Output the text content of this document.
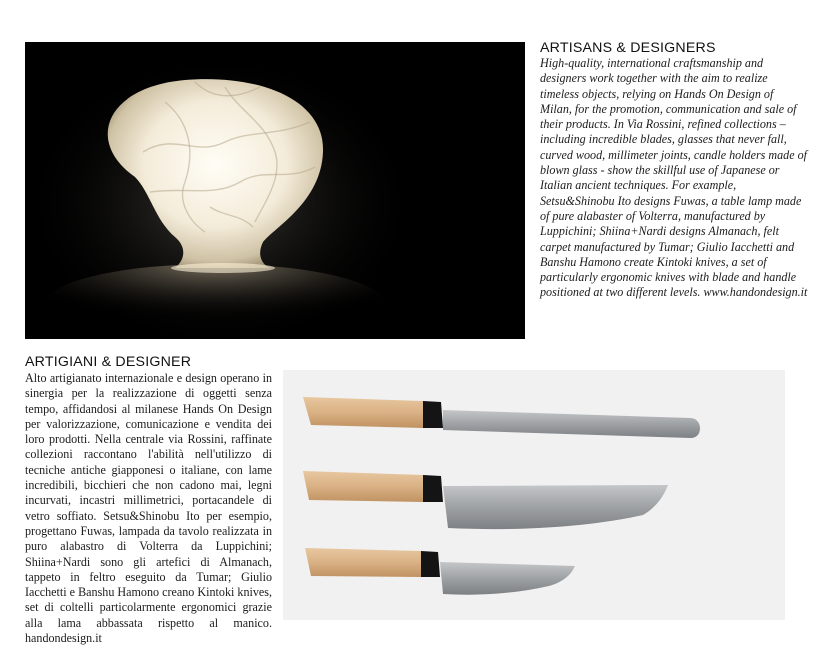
ARTISANS & DESIGNERS

High-quality, international craftsmanship and designers work together with the aim to realize timeless objects, relying on Hands On Design of Milan, for the promotion, communication and sale of their products. In Via Rossini, refined collections – including incredible blades, glasses that never fall, curved wood, millimeter joints, candle holders made of blown glass - show the skillful use of Japanese or Italian ancient techniques. For example, Setsu&Shinobu Ito designs Fuwas, a table lamp made of pure alabaster of Volterra, manufactured by Luppichini; Shiina+Nardi designs Almanach, felt carpet manufactured by Tumar; Giulio Iacchetti and Banshu Hamono create Kintoki knives, a set of particularly ergonomic knives with blade and handle positioned at two different levels. www.handondesign.it

ARTIGIANI & DESIGNER

Alto artigianato internazionale e design operano in sinergia per la realizzazione di oggetti senza tempo, affidandosi al milanese Hands On Design per valorizzazione, comunicazione e vendita dei loro prodotti. Nella centrale via Rossini, raffinate collezioni raccontano l'abilità nell'utilizzo di tecniche antiche giapponesi o italiane, con lame incredibili, bicchieri che non cadono mai, legni incurvati, incastri millimetrici, portacandele di vetro soffiato. Setsu&Shinobu Ito per esempio, progettano Fuwas, lampada da tavolo realizzata in puro alabastro di Volterra da Luppichini; Shiina+Nardi sono gli artefici di Almanach, tappeto in feltro eseguito da Tumar; Giulio Iacchetti e Banshu Hamono creano Kintoki knives, set di coltelli particolarmente ergonomici grazie alla lama abbassata rispetto al manico. handondesign.it
